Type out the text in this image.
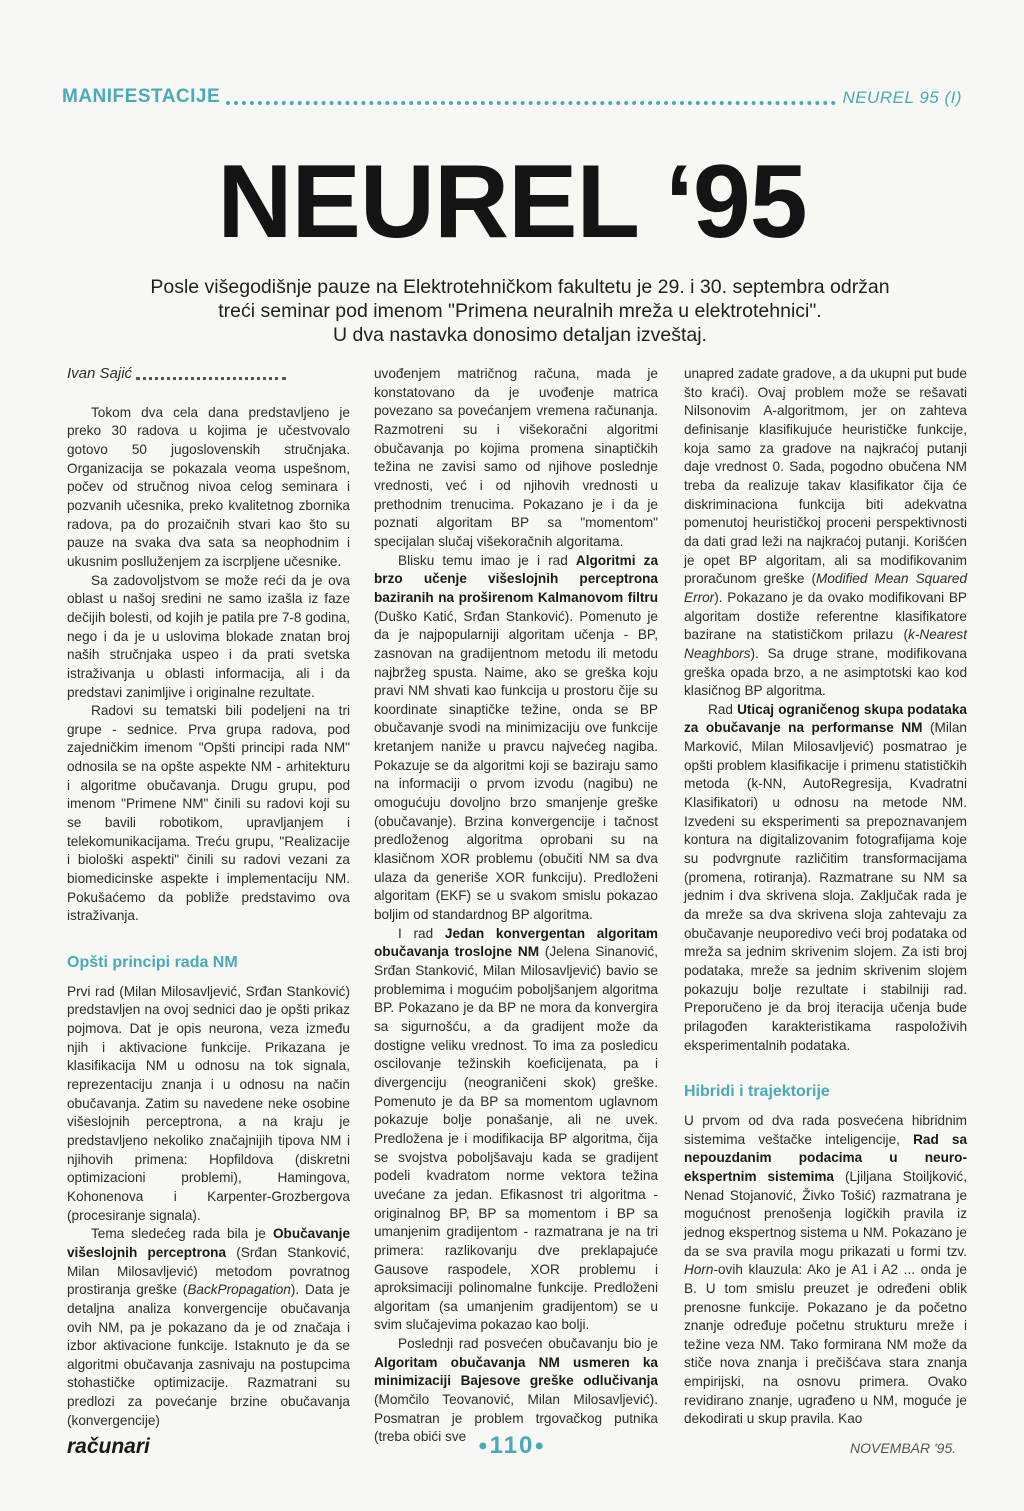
MANIFESTACIJE	NEUREL 95 (I)
NEUREL ‘95

Posle višegodišnje pauze na Elektrotehničkom fakultetu je 29. i 30. septembra održan

treći seminar pod imenom "Primena neuralnih mreža u elektrotehnici".

U dva nastavka donosimo detaljan izveštaj.

Ivan Sajić

Tokom dva cela dana predstavljeno je preko 30 radova u kojima je učestvovalo gotovo 50 jugoslovenskih stručnjaka. Organizacija se pokazala veoma uspešnom, počev od stručnog nivoa celog seminara i pozvanih učesnika, preko kvalitetnog zbornika radova, pa do prozaičnih stvari kao što su pauze na svaka dva sata sa neophodnim i ukusnim poslluženjem za iscrpljene učesnike.

Sa zadovoljstvom se može reći da je ova oblast u našoj sredini ne samo izašla iz faze dečijih bolesti, od kojih je patila pre 7-8 godina, nego i da je u uslovima blokade znatan broj naših stručnjaka uspeo i da prati svetska istraživanja u oblasti informacija, ali i da predstavi zanimljive i originalne rezultate.

Radovi su tematski bili podeljeni na tri grupe - sednice. Prva grupa radova, pod zajedničkim imenom "Opšti principi rada NM" odnosila se na opšte aspekte NM - arhitekturu i algoritme obučavanja. Drugu grupu, pod imenom "Primene NM" činili su radovi koji su se bavili robotikom, upravljanjem i telekomunikacijama. Treću grupu, "Realizacije i biološki aspekti" činili su radovi vezani za biomedicinske aspekte i implementaciju NM. Pokušaćemo da pobliže predstavimo ova istraživanja.

Opšti principi rada NM

Prvi rad (Milan Milosavljević, Srđan Stanković) predstavljen na ovoj sednici dao je opšti prikaz pojmova. Dat je opis neurona, veza između njih i aktivacione funkcije. Prikazana je klasifikacija NM u odnosu na tok signala, reprezentaciju znanja i u odnosu na način obučavanja. Zatim su navedene neke osobine višeslojnih perceptrona, a na kraju je predstavljeno nekoliko značajnijih tipova NM i njihovih primena: Hopfildova (diskretni optimizacioni problemi), Hamingova, Kohonenova i Karpenter-Grozbergova (procesiranje signala).

Tema sledećeg rada bila je Obučavanje višeslojnih perceptrona (Srđan Stanković, Milan Milosavljević) metodom povratnog prostiranja greške (BackPropagation). Data je detaljna analiza konvergencije obučavanja ovih NM, pa je pokazano da je od značaja i izbor aktivacione funkcije. Istaknuto je da se algoritmi obučavanja zasnivaju na postupcima stohastičke optimizacije. Razmatrani su predlozi za povećanje brzine obučavanja (konvergencije)

uvođenjem matričnog računa, mada je konstatovano da je uvođenje matrica povezano sa povećanjem vremena računanja. Razmotreni su i višekoračni algoritmi obučavanja po kojima promena sinaptičkih težina ne zavisi samo od njihove poslednje vrednosti, već i od njihovih vrednosti u prethodnim trenucima. Pokazano je i da je poznati algoritam BP sa "momentom" specijalan slučaj višekoračnih algoritama.

Blisku temu imao je i rad Algoritmi za brzo učenje višeslojnih perceptrona baziranih na proširenom Kalmanovom filtru (Duško Katić, Srđan Stanković). Pomenuto je da je najpopularniji algoritam učenja - BP, zasnovan na gradijentnom metodu ili metodu najbržeg spusta. Naime, ako se greška koju pravi NM shvati kao funkcija u prostoru čije su koordinate sinaptičke težine, onda se BP obučavanje svodi na minimizaciju ove funkcije kretanjem naniže u pravcu najvećeg nagiba. Pokazuje se da algoritmi koji se baziraju samo na informaciji o prvom izvodu (nagibu) ne omogućuju dovoljno brzo smanjenje greške (obučavanje). Brzina konvergencije i tačnost predloženog algoritma oprobani su na klasičnom XOR problemu (obučiti NM sa dva ulaza da generiše XOR funkciju). Predloženi algoritam (EKF) se u svakom smislu pokazao boljim od standardnog BP algoritma.

I rad Jedan konvergentan algoritam obučavanja troslojne NM (Jelena Sinanović, Srđan Stanković, Milan Milosavljević) bavio se problemima i mogućim poboljšanjem algoritma BP. Pokazano je da BP ne mora da konvergira sa sigurnošću, a da gradijent može da dostigne veliku vrednost. To ima za posledicu oscilovanje težinskih koeficijenata, pa i divergenciju (neograničeni skok) greške. Pomenuto je da BP sa momentom uglavnom pokazuje bolje ponašanje, ali ne uvek. Predložena je i modifikacija BP algoritma, čija se svojstva poboljšavaju kada se gradijent podeli kvadratom norme vektora težina uvećane za jedan. Efikasnost tri algoritma - originalnog BP, BP sa momentom i BP sa umanjenim gradijentom - razmatrana je na tri primera: razlikovanju dve preklapajuće Gausove raspodele, XOR problemu i aproksimaciji polinomalne funkcije. Predloženi algoritam (sa umanjenim gradijentom) se u svim slučajevima pokazao kao bolji.

Poslednji rad posvećen obučavanju bio je Algoritam obučavanja NM usmeren ka minimizaciji Bajesove greške odlučivanja (Momčilo Teovanović, Milan Milosavljević). Posmatran je problem trgovačkog putnika (treba obići sve

unapred zadate gradove, a da ukupni put bude što kraći). Ovaj problem može se rešavati Nilsonovim A-algoritmom, jer on zahteva definisanje klasifikujuće heurističke funkcije, koja samo za gradove na najkraćoj putanji daje vrednost 0. Sada, pogodno obučena NM treba da realizuje takav klasifikator čija će diskriminaciona funkcija biti adekvatna pomenutoj heurističkoj proceni perspektivnosti da dati grad leži na najkraćoj putanji. Korišćen je opet BP algoritam, ali sa modifikovanim proračunom greške (Modified Mean Squared Error). Pokazano je da ovako modifikovani BP algoritam dostiže referentne klasifikatore bazirane na statističkom prilazu (k-Nearest Neaghbors). Sa druge strane, modifikovana greška opada brzo, a ne asimptotski kao kod klasičnog BP algoritma.

Rad Uticaj ograničenog skupa podataka za obučavanje na performanse NM (Milan Marković, Milan Milosavljević) posmatrao je opšti problem klasifikacije i primenu statističkih metoda (k-NN, AutoRegresija, Kvadratni Klasifikatori) u odnosu na metode NM. Izvedeni su eksperimenti sa prepoznavanjem kontura na digitalizovanim fotografijama koje su podvrgnute različitim transformacijama (promena, rotiranja). Razmatrane su NM sa jednim i dva skrivena sloja. Zaključak rada je da mreže sa dva skrivena sloja zahtevaju za obučavanje neuporedivo veći broj podataka od mreža sa jednim skrivenim slojem. Za isti broj podataka, mreže sa jednim skrivenim slojem pokazuju bolje rezultate i stabilniji rad. Preporučeno je da broj iteracija učenja bude prilagođen karakteristikama raspoloživih eksperimentalnih podataka.

Hibridi i trajektorije

U prvom od dva rada posvećena hibridnim sistemima veštačke inteligencije, Rad sa nepouzdanim podacima u neuro-ekspertnim sistemima (Ljiljana Stoiljković, Nenad Stojanović, Živko Tošić) razmatrana je mogućnost prenošenja logičkih pravila iz jednog ekspertnog sistema u NM. Pokazano je da se sva pravila mogu prikazati u formi tzv. Horn-ovih klauzula: Ako je A1 i A2 ... onda je B. U tom smislu preuzet je određeni oblik prenosne funkcije. Pokazano je da početno znanje određuje početnu strukturu mreže i težine veza NM. Tako formirana NM može da stiče nova znanja i prečišćava stara znanja empirijski, na osnovu primera. Ovako revidirano znanje, ugrađeno u NM, moguće je dekodirati u skup pravila. Kao

računari	●110●	NOVEMBAR '95.
